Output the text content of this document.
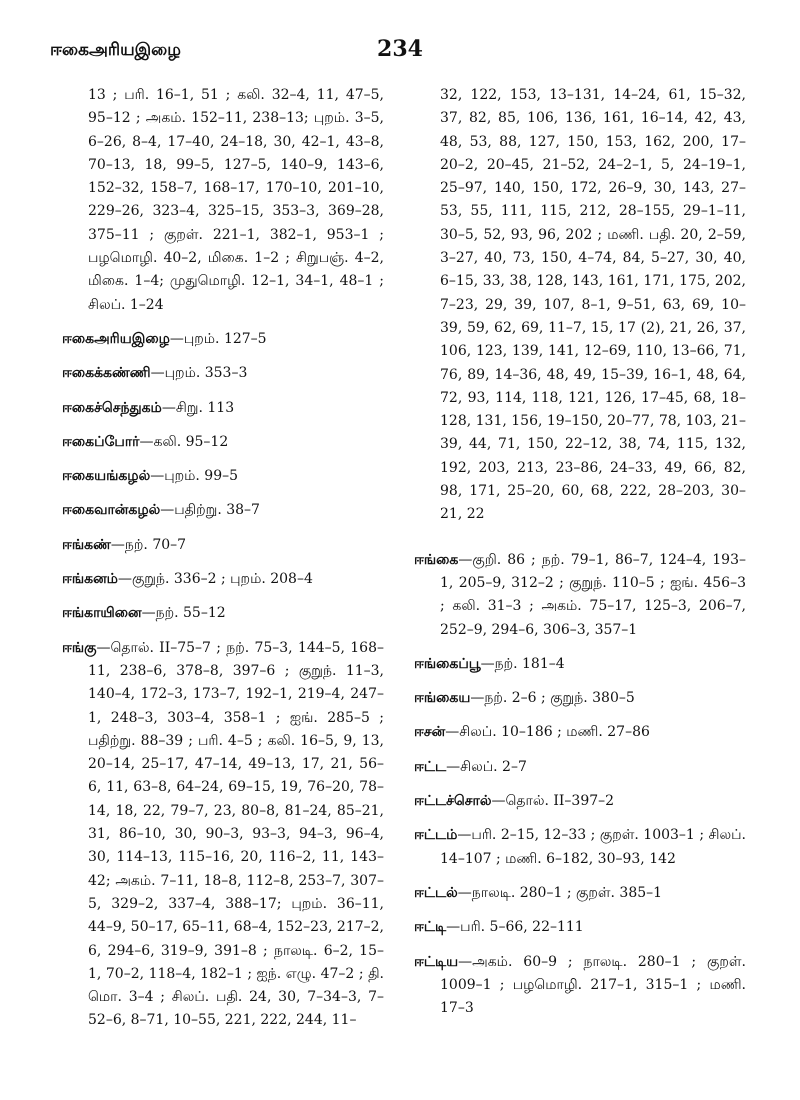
ஈகைஅரியஇழை	234

13 ; பரி. 16–1, 51 ; கலி. 32–4, 11, 47–5, 95–12 ; அகம். 152–11, 238–13; புறம். 3–5, 6–26, 8–4, 17–40, 24–18, 30, 42–1, 43–8, 70–13, 18, 99–5, 127–5, 140–9, 143–6, 152–32, 158–7, 168–17, 170–10, 201–10, 229–26, 323–4, 325–15, 353–3, 369–28, 375–11 ; குறள். 221–1, 382–1, 953–1 ; பழமொழி. 40–2, மிகை. 1–2 ; சிறுபஞ். 4–2, மிகை. 1–4; முதுமொழி. 12–1, 34–1, 48–1 ; சிலப். 1–24

ஈகைஅரியஇழை—புறம். 127–5

ஈகைக்கண்ணி—புறம். 353–3

ஈகைச்செந்துகம்—சிறு. 113

ஈகைப்போர்—கலி. 95–12

ஈகையங்கழல்—புறம். 99–5

ஈகைவான்கழல்—பதிற்று. 38–7

ஈங்கண்—நற். 70–7

ஈங்கனம்—குறுந். 336–2 ; புறம். 208–4

ஈங்காயினை—நற். 55–12

ஈங்கு—தொல். II–75–7 ; நற். 75–3, 144–5, 168–11, 238–6, 378–8, 397–6 ; குறுந். 11–3, 140–4, 172–3, 173–7, 192–1, 219–4, 247–1, 248–3, 303–4, 358–1 ; ஐங். 285–5 ; பதிற்று. 88–39 ; பரி. 4–5 ; கலி. 16–5, 9, 13, 20–14, 25–17, 47–14, 49–13, 17, 21, 56–6, 11, 63–8, 64–24, 69–15, 19, 76–20, 78–14, 18, 22, 79–7, 23, 80–8, 81–24, 85–21, 31, 86–10, 30, 90–3, 93–3, 94–3, 96–4, 30, 114–13, 115–16, 20, 116–2, 11, 143–42; அகம். 7–11, 18–8, 112–8, 253–7, 307–5, 329–2, 337–4, 388–17; புறம். 36–11, 44–9, 50–17, 65–11, 68–4, 152–23, 217–2, 6, 294–6, 319–9, 391–8 ; நாலடி. 6–2, 15–1, 70–2, 118–4, 182–1 ; ஐந். எழு. 47–2 ; தி. மொ. 3–4 ; சிலப். பதி. 24, 30, 7–34–3, 7–52–6, 8–71, 10–55, 221, 222, 244, 11–

32, 122, 153, 13–131, 14–24, 61, 15–32, 37, 82, 85, 106, 136, 161, 16–14, 42, 43, 48, 53, 88, 127, 150, 153, 162, 200, 17–20–2, 20–45, 21–52, 24–2–1, 5, 24–19–1, 25–97, 140, 150, 172, 26–9, 30, 143, 27–53, 55, 111, 115, 212, 28–155, 29–1–11, 30–5, 52, 93, 96, 202 ; மணி. பதி. 20, 2–59, 3–27, 40, 73, 150, 4–74, 84, 5–27, 30, 40, 6–15, 33, 38, 128, 143, 161, 171, 175, 202, 7–23, 29, 39, 107, 8–1, 9–51, 63, 69, 10–39, 59, 62, 69, 11–7, 15, 17 (2), 21, 26, 37, 106, 123, 139, 141, 12–69, 110, 13–66, 71, 76, 89, 14–36, 48, 49, 15–39, 16–1, 48, 64, 72, 93, 114, 118, 121, 126, 17–45, 68, 18–128, 131, 156, 19–150, 20–77, 78, 103, 21–39, 44, 71, 150, 22–12, 38, 74, 115, 132, 192, 203, 213, 23–86, 24–33, 49, 66, 82, 98, 171, 25–20, 60, 68, 222, 28–203, 30–21, 22

ஈங்கை—குறி. 86 ; நற். 79–1, 86–7, 124–4, 193–1, 205–9, 312–2 ; குறுந். 110–5 ; ஐங். 456–3 ; கலி. 31–3 ; அகம். 75–17, 125–3, 206–7, 252–9, 294–6, 306–3, 357–1

ஈங்கைப்பூ—நற். 181–4

ஈங்கைய—நற். 2–6 ; குறுந். 380–5

ஈசன்—சிலப். 10–186 ; மணி. 27–86

ஈட்ட—சிலப். 2–7

ஈட்டச்சொல்—தொல். II–397–2

ஈட்டம்—பரி. 2–15, 12–33 ; குறள். 1003–1 ; சிலப். 14–107 ; மணி. 6–182, 30–93, 142

ஈட்டல்—நாலடி. 280–1 ; குறள். 385–1

ஈட்டி—பரி. 5–66, 22–111

ஈட்டிய—அகம். 60–9 ; நாலடி. 280–1 ; குறள். 1009–1 ; பழமொழி. 217–1, 315–1 ; மணி. 17–3
